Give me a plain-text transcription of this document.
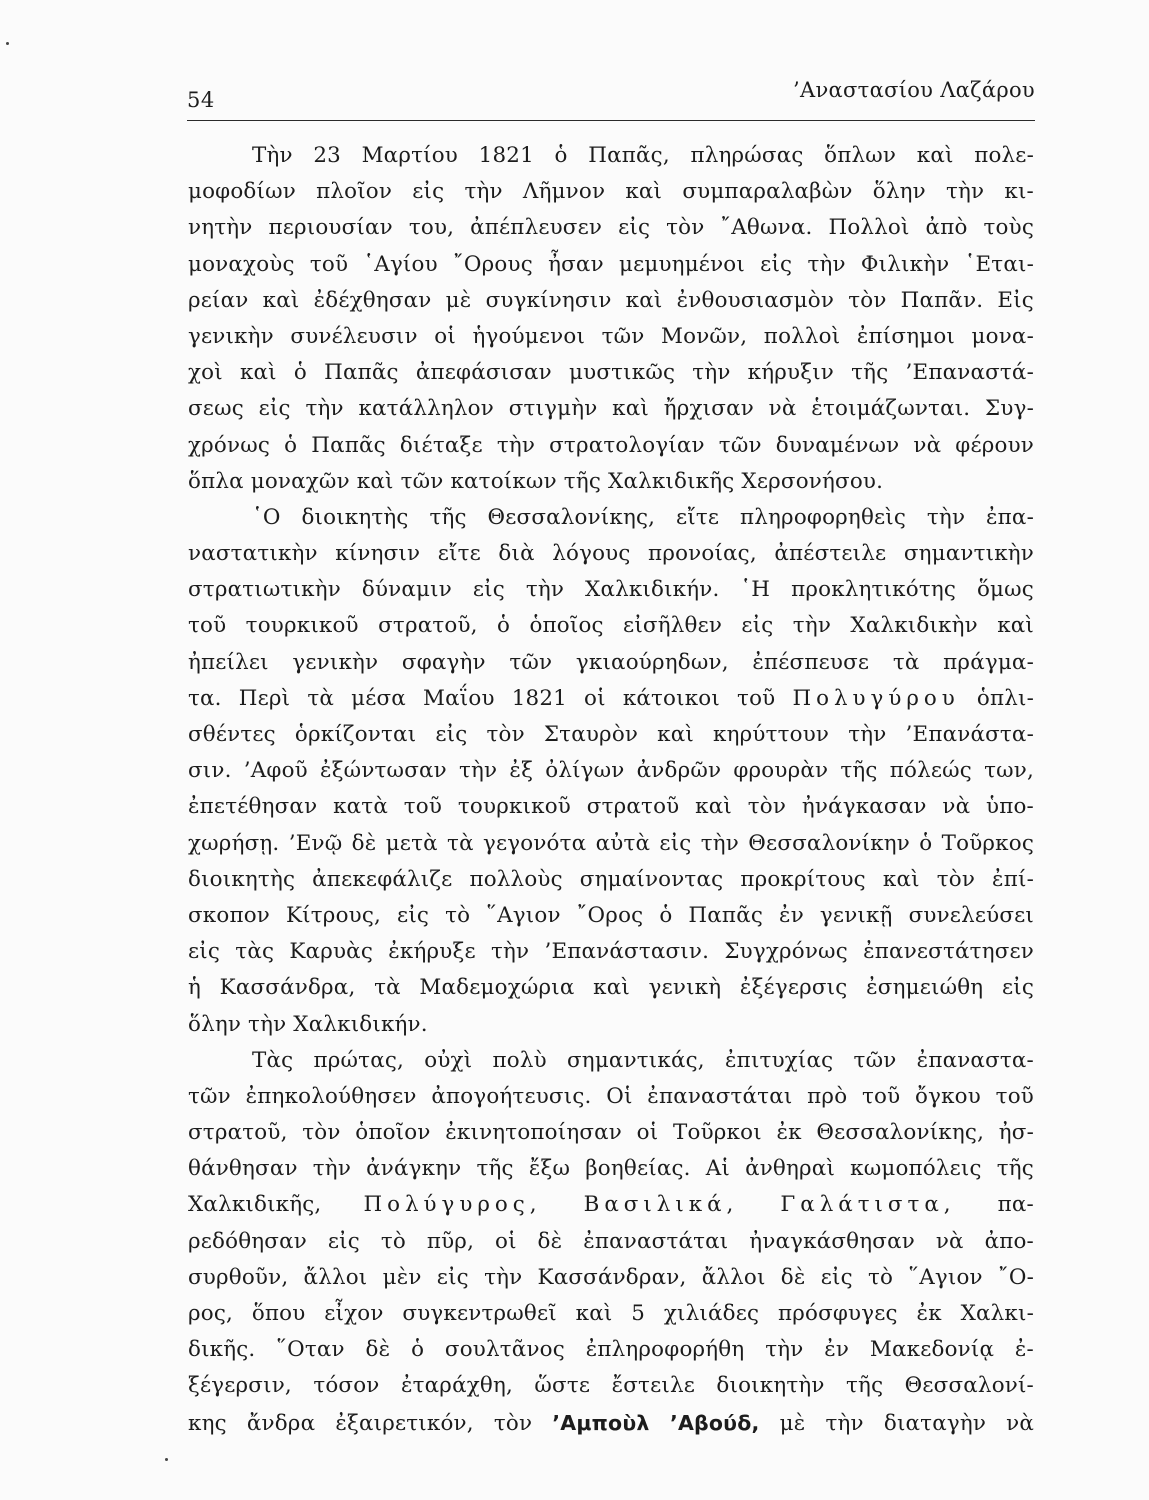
54	’Αναστασίου Λαζάρου
Τὴν 23 Μαρτίου 1821 ὁ Παπᾶς, πληρώσας ὅπλων καὶ πολε-
μοφοδίων πλοῖον εἰς τὴν Λῆμνον καὶ συμπαραλαβὼν ὅλην τὴν κι-
νητὴν περιουσίαν του, ἀπέπλευσεν εἰς τὸν ῎Αθωνα. Πολλοὶ ἀπὸ τοὺς
μοναχοὺς τοῦ ῾Αγίου ῎Ορους ἦσαν μεμυημένοι εἰς τὴν Φιλικὴν ῾Εται-
ρείαν καὶ ἐδέχθησαν μὲ συγκίνησιν καὶ ἐνθουσιασμὸν τὸν Παπᾶν. Εἰς
γενικὴν συνέλευσιν οἱ ἡγούμενοι τῶν Μονῶν, πολλοὶ ἐπίσημοι μονα-
χοὶ καὶ ὁ Παπᾶς ἀπεφάσισαν μυστικῶς τὴν κήρυξιν τῆς ’Επαναστά-
σεως εἰς τὴν κατάλληλον στιγμὴν καὶ ἤρχισαν νὰ ἑτοιμάζωνται. Συγ-
χρόνως ὁ Παπᾶς διέταξε τὴν στρατολογίαν τῶν δυναμένων νὰ φέρουν
ὅπλα μοναχῶν καὶ τῶν κατοίκων τῆς Χαλκιδικῆς Χερσονήσου.
῾Ο διοικητὴς τῆς Θεσσαλονίκης, εἴτε πληροφορηθεὶς τὴν ἐπα-
ναστατικὴν κίνησιν εἴτε διὰ λόγους προνοίας, ἀπέστειλε σημαντικὴν
στρατιωτικὴν δύναμιν εἰς τὴν Χαλκιδικήν. ῾Η προκλητικότης ὅμως
τοῦ τουρκικοῦ στρατοῦ, ὁ ὁποῖος εἰσῆλθεν εἰς τὴν Χαλκιδικὴν καὶ
ἠπείλει γενικὴν σφαγὴν τῶν γκιαούρηδων, ἐπέσπευσε τὰ πράγμα-
τα. Περὶ τὰ μέσα Μαΐου 1821 οἱ κάτοικοι τοῦ Πολυγύρου ὁπλι-
σθέντες ὁρκίζονται εἰς τὸν Σταυρὸν καὶ κηρύττουν τὴν ’Επανάστα-
σιν. ’Αφοῦ ἐξώντωσαν τὴν ἐξ ὀλίγων ἀνδρῶν φρουρὰν τῆς πόλεώς των,
ἐπετέθησαν κατὰ τοῦ τουρκικοῦ στρατοῦ καὶ τὸν ἠνάγκασαν νὰ ὑπο-
χωρήσῃ. ’Ενῷ δὲ μετὰ τὰ γεγονότα αὐτὰ εἰς τὴν Θεσσαλονίκην ὁ Τοῦρκος
διοικητὴς ἀπεκεφάλιζε πολλοὺς σημαίνοντας προκρίτους καὶ τὸν ἐπί-
σκοπον Κίτρους, εἰς τὸ ῞Αγιον ῎Ορος ὁ Παπᾶς ἐν γενικῇ συνελεύσει
εἰς τὰς Καρυὰς ἐκήρυξε τὴν ’Επανάστασιν. Συγχρόνως ἐπανεστάτησεν
ἡ Κασσάνδρα, τὰ Μαδεμοχώρια καὶ γενικὴ ἐξέγερσις ἐσημειώθη εἰς
ὅλην τὴν Χαλκιδικήν.
Τὰς πρώτας, οὐχὶ πολὺ σημαντικάς, ἐπιτυχίας τῶν ἐπαναστα-
τῶν ἐπηκολούθησεν ἀπογοήτευσις. Οἱ ἐπαναστάται πρὸ τοῦ ὄγκου τοῦ
στρατοῦ, τὸν ὁποῖον ἐκινητοποίησαν οἱ Τοῦρκοι ἐκ Θεσσαλονίκης, ἠσ-
θάνθησαν τὴν ἀνάγκην τῆς ἔξω βοηθείας. Αἱ ἀνθηραὶ κωμοπόλεις τῆς
Χαλκιδικῆς, Πολύγυρος, Βασιλικά, Γαλάτιστα, πα-
ρεδόθησαν εἰς τὸ πῦρ, οἱ δὲ ἐπαναστάται ἠναγκάσθησαν νὰ ἀπο-
συρθοῦν, ἄλλοι μὲν εἰς τὴν Κασσάνδραν, ἄλλοι δὲ εἰς τὸ ῞Αγιον ῎Ο-
ρος, ὅπου εἶχον συγκεντρωθεῖ καὶ 5 χιλιάδες πρόσφυγες ἐκ Χαλκι-
δικῆς. ῞Οταν δὲ ὁ σουλτᾶνος ἐπληροφορήθη τὴν ἐν Μακεδονίᾳ ἐ-
ξέγερσιν, τόσον ἐταράχθη, ὥστε ἔστειλε διοικητὴν τῆς Θεσσαλονί-
κης ἄνδρα ἐξαιρετικόν, τὸν ’Αμποὺλ ’Αβούδ, μὲ τὴν διαταγὴν νὰ
